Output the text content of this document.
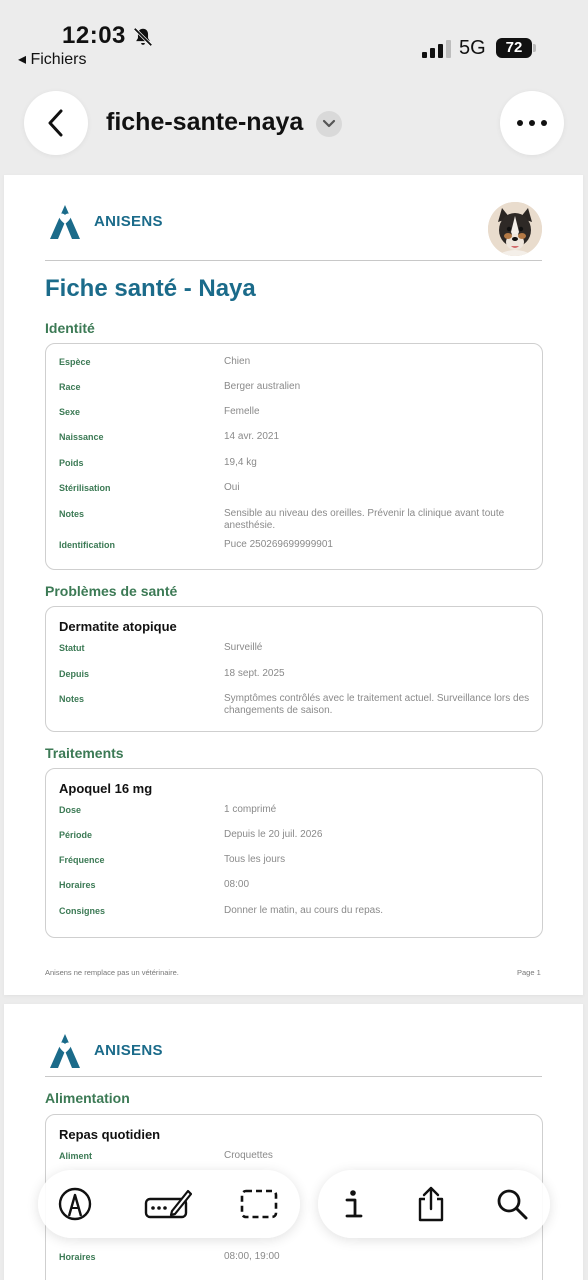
12:03
◂ Fichiers
5G	72
fiche-sante-naya
ANISENS
Fiche santé - Naya
Identité
Espèce	Chien
Race	Berger australien
Sexe	Femelle
Naissance	14 avr. 2021
Poids	19,4 kg
Stérilisation	Oui
Notes	Sensible au niveau des oreilles. Prévenir la clinique avant toute anesthésie.
Identification	Puce 250269699999901
Problèmes de santé
Dermatite atopique
Statut	Surveillé
Depuis	18 sept. 2025
Notes	Symptômes contrôlés avec le traitement actuel. Surveillance lors des changements de saison.
Traitements
Apoquel 16 mg
Dose	1 comprimé
Période	Depuis le 20 juil. 2026
Fréquence	Tous les jours
Horaires	08:00
Consignes	Donner le matin, au cours du repas.
Anisens ne remplace pas un vétérinaire.	Page 1
ANISENS
Alimentation
Repas quotidien
Aliment	Croquettes
Horaires	08:00, 19:00
